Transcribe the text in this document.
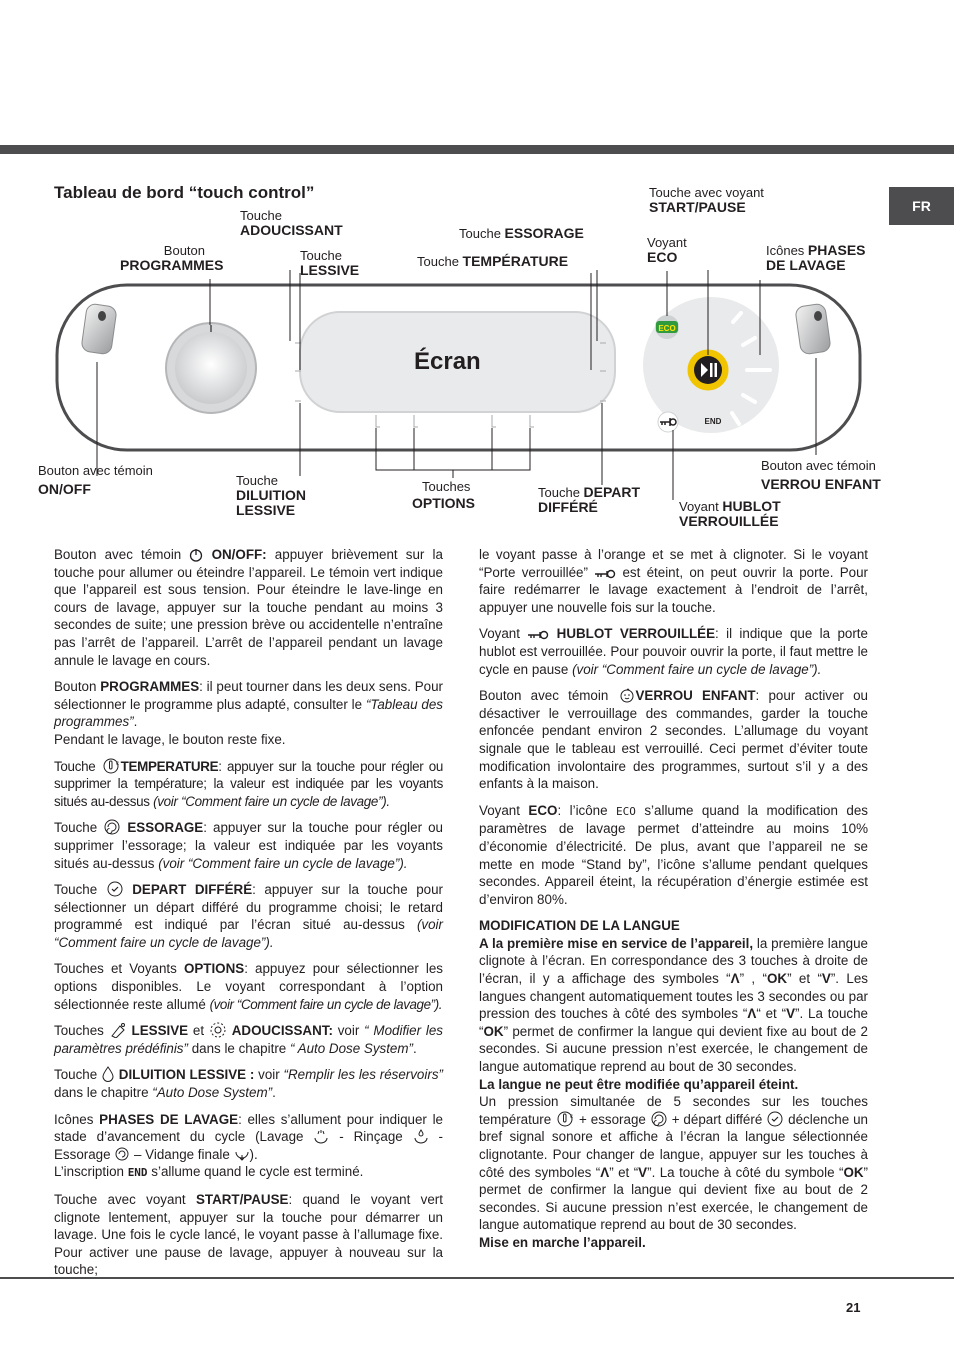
FR
Tableau de bord “touch control”
ECO
END
Écran
Bouton
PROGRAMMES
Touche
ADOUCISSANT
Touche
LESSIVE
Touche ESSORAGE
Touche TEMPÉRATURE
Touche avec voyant
START/PAUSE
Voyant
ECO	Icônes PHASES
DE LAVAGE
Bouton avec témoin
ON/OFF
Touche
DILUITION
LESSIVE
Touches
OPTIONS
Touche DEPART
DIFFÉRÉ	Voyant HUBLOT
VERROUILLÉE
Bouton avec témoin
VERROU ENFANT

Bouton avec témoin  ON/OFF: appuyer brièvement sur la touche pour allumer ou éteindre l’appareil. Le témoin vert indique que l’appareil est sous tension. Pour éteindre le lave-linge en cours de lavage, appuyer sur la touche pendant au moins 3 secondes de suite; une pression brève ou accidentelle n’entraîne pas l’arrêt de l’appareil. L’arrêt de l’appareil pendant un lavage annule le lavage en cours.

Bouton PROGRAMMES: il peut tourner dans les deux sens. Pour sélectionner le programme plus adapté, consulter le “Tableau des programmes”.
Pendant le lavage, le bouton reste fixe.

Touche	c TEMPERATURE: appuyer sur la touche pour régler ou supprimer la température; la valeur est indiquée par les voyants situés au-dessus (voir “Comment faire un cycle de lavage”).

Touche  ESSORAGE: appuyer sur la touche pour régler ou supprimer l’essorage; la valeur est indiquée par les voyants situés au-dessus (voir “Comment faire un cycle de lavage”).

Touche  DEPART DIFFÉRÉ: appuyer sur la touche pour sélectionner un départ différé du programme choisi; le retard programmé est indiqué par l’écran situé au-dessus (voir “Comment faire un cycle de lavage”).

Touches et Voyants OPTIONS: appuyez pour sélectionner les options disponibles. Le voyant correspondant à l’option sélectionnée reste allumé (voir “Comment faire un cycle de lavage”).

Touches  LESSIVE et  ADOUCISSANT: voir “ Modifier les paramètres prédéfinis” dans le chapitre “ Auto Dose System”.

Touche  DILUITION LESSIVE : voir “Remplir les les réservoirs” dans le chapitre “Auto Dose System”.

Icônes PHASES DE LAVAGE: elles s’allument pour indiquer le stade d’avancement du cycle (Lavage  - Rinçage  - Essorage  – Vidange finale ).
L’inscription END s’allume quand le cycle est terminé.

Touche avec voyant START/PAUSE: quand le voyant vert clignote lentement, appuyer sur la touche pour démarrer un lavage. Une fois le cycle lancé, le voyant passe à l’allumage fixe. Pour activer une pause de lavage, appuyer à nouveau sur la touche;

le voyant passe à l’orange et se met à clignoter. Si le voyant “Porte verrouillée”  est éteint, on peut ouvrir la porte. Pour faire redémarrer le lavage exactement à l’endroit de l’arrêt, appuyer une nouvelle fois sur la touche.

Voyant  HUBLOT VERROUILLÉE: il indique que la porte hublot est verrouillée. Pour pouvoir ouvrir la porte, il faut mettre le cycle en pause (voir “Comment faire un cycle de lavage”).

Bouton avec témoin VERROU ENFANT: pour activer ou désactiver le verrouillage des commandes, garder la touche enfoncée pendant environ 2 secondes. L’allumage du voyant signale que le tableau est verrouillé. Ceci permet d’éviter toute modification involontaire des programmes, surtout s’il y a des enfants à la maison.

Voyant ECO: l’icône ECO s’allume quand la modification des paramètres de lavage permet d’atteindre au moins 10% d’économie d’électricité. De plus, avant que l’appareil ne se mette en mode “Stand by”, l’icône s’allume pendant quelques secondes. Appareil éteint, la récupération d’énergie estimée est d’environ 80%.

MODIFICATION DE LA LANGUE

A la première mise en service de l’appareil, la première langue clignote à l’écran. En correspondance des 3 touches à droite de l’écran, il y a affichage des symboles “Λ” , “OK” et “V”. Les langues changent automatiquement toutes les 3 secondes ou par pression des touches à côté des symboles “Λ“ et “V”. La touche “OK” permet de confirmer la langue qui devient fixe au bout de 2 secondes. Si aucune pression n’est exercée, le changement de langue automatique reprend au bout de 30 secondes.

La langue ne peut être modifiée qu’appareil éteint.
Un pression simultanée de 5 secondes sur les touches température	c + essorage  + départ différé  déclenche un bref signal sonore et affiche à l’écran la langue sélectionnée clignotante. Pour changer de langue, appuyer sur les touches à côté des symboles “Λ” et “V”. La touche à côté du symbole “OK” permet de confirmer la langue qui devient fixe au bout de 2 secondes. Si aucune pression n’est exercée, le changement de langue automatique reprend au bout de 30 secondes.
Mise en marche l’appareil.

21
